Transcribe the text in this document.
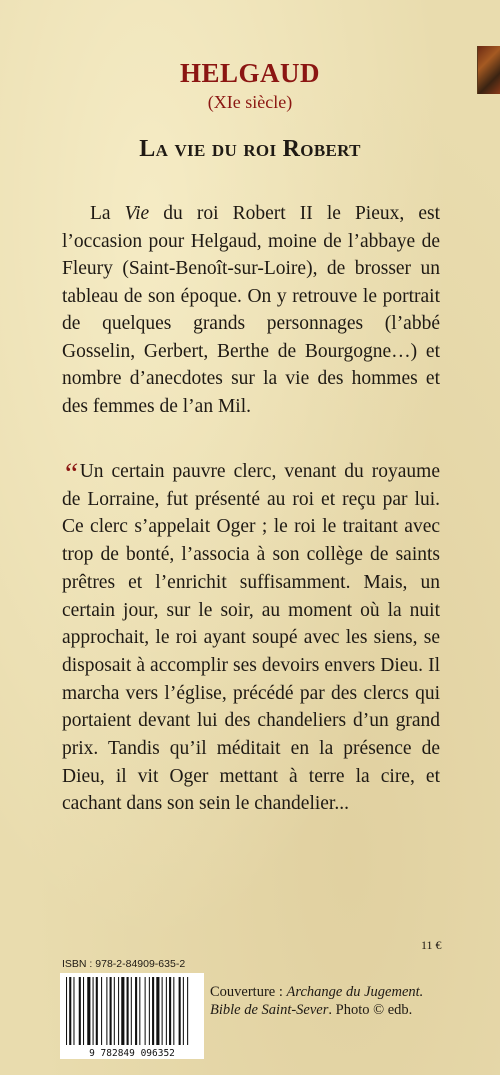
HELGAUD
(XIe siècle)
La vie du roi Robert

La Vie du roi Robert II le Pieux, est l’occasion pour Helgaud, moine de l’abbaye de Fleury (Saint-Benoît-sur-Loire), de brosser un tableau de son époque. On y retrouve le portrait de quelques grands personnages (l’abbé Gosselin, Gerbert, Berthe de Bourgogne…) et nombre d’anecdotes sur la vie des hommes et des femmes de l’an Mil.

“Un certain pauvre clerc, venant du royaume de Lorraine, fut présenté au roi et reçu par lui. Ce clerc s’appelait Oger ; le roi le traitant avec trop de bonté, l’associa à son collège de saints prêtres et l’enrichit suffisamment. Mais, un certain jour, sur le soir, au moment où la nuit approchait, le roi ayant soupé avec les siens, se disposait à accomplir ses devoirs envers Dieu. Il marcha vers l’église, précédé par des clercs qui portaient devant lui des chandeliers d’un grand prix. Tandis qu’il méditait en la présence de Dieu, il vit Oger mettant à terre la cire, et cachant dans son sein le chandelier...

11 €
ISBN : 978-2-84909-635-2
9 782849 096352
Couverture : Archange du Jugement.
Bible de Saint-Sever. Photo © edb.
